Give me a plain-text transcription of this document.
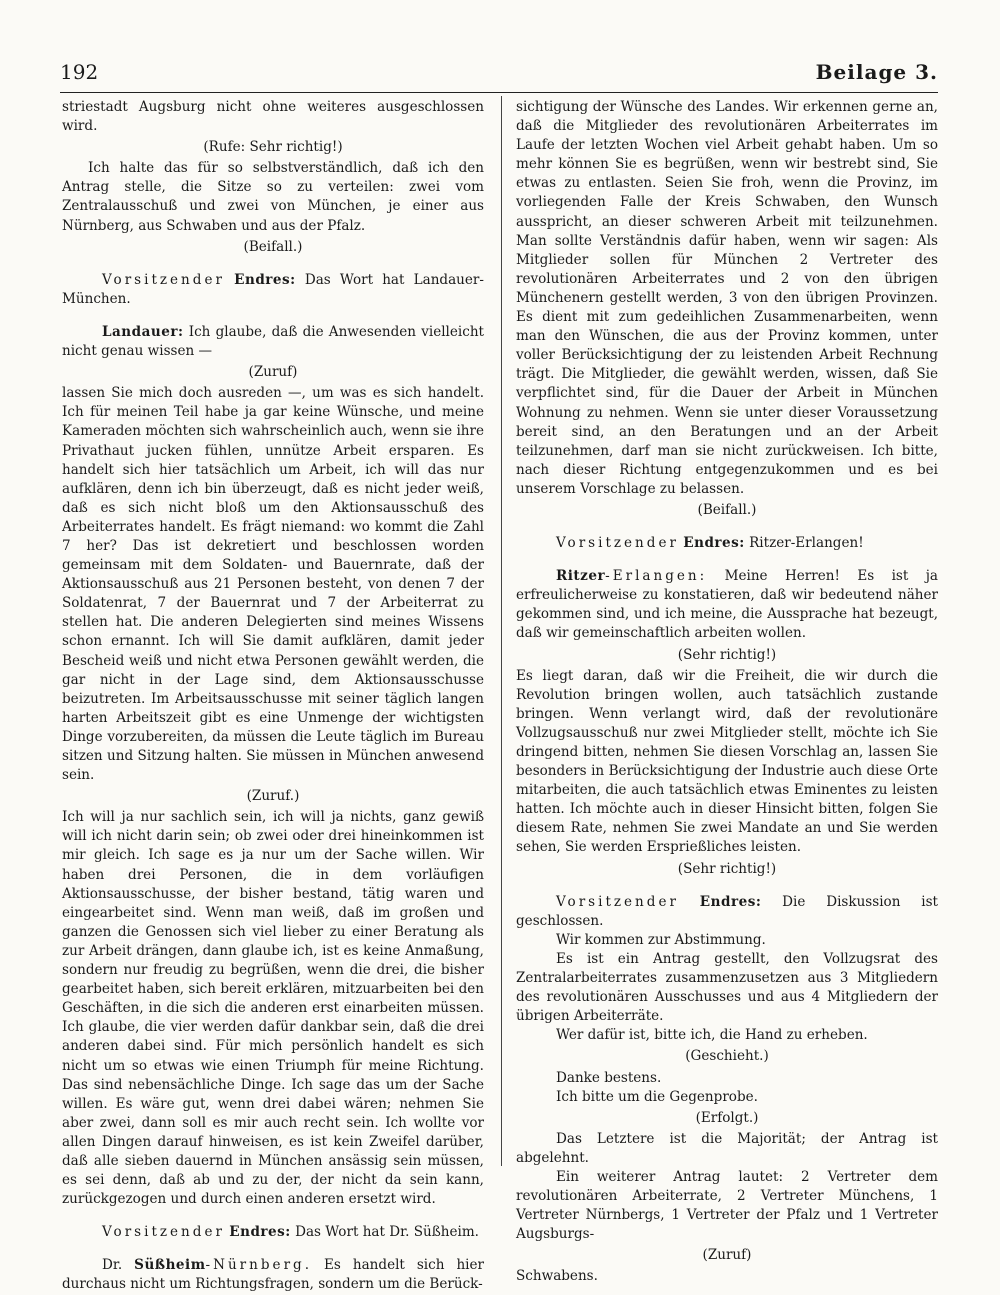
192	Beilage 3.

striestadt Augsburg nicht ohne weiteres ausgeschlossen wird.

(Rufe: Sehr richtig!)

Ich halte das für so selbstverständlich, daß ich den Antrag stelle, die Sitze so zu verteilen: zwei vom Zentralausschuß und zwei von München, je einer aus Nürnberg, aus Schwaben und aus der Pfalz.

(Beifall.)

Vorsitzender Endres: Das Wort hat Landauer-München.

Landauer: Ich glaube, daß die Anwesenden vielleicht nicht genau wissen —

(Zuruf)

lassen Sie mich doch ausreden —, um was es sich handelt. Ich für meinen Teil habe ja gar keine Wünsche, und meine Kameraden möchten sich wahrscheinlich auch, wenn sie ihre Privathaut jucken fühlen, unnütze Arbeit ersparen. Es handelt sich hier tatsächlich um Arbeit, ich will das nur aufklären, denn ich bin überzeugt, daß es nicht jeder weiß, daß es sich nicht bloß um den Aktionsausschuß des Arbeiterrates handelt. Es frägt niemand: wo kommt die Zahl 7 her? Das ist dekretiert und beschlossen worden gemeinsam mit dem Soldaten- und Bauernrate, daß der Aktionsausschuß aus 21 Personen besteht, von denen 7 der Soldatenrat, 7 der Bauernrat und 7 der Arbeiterrat zu stellen hat. Die anderen Delegierten sind meines Wissens schon ernannt. Ich will Sie damit aufklären, damit jeder Bescheid weiß und nicht etwa Personen gewählt werden, die gar nicht in der Lage sind, dem Aktionsausschusse beizutreten. Im Arbeitsausschusse mit seiner täglich langen harten Arbeitszeit gibt es eine Unmenge der wichtigsten Dinge vorzubereiten, da müssen die Leute täglich im Bureau sitzen und Sitzung halten. Sie müssen in München anwesend sein.

(Zuruf.)

Ich will ja nur sachlich sein, ich will ja nichts, ganz gewiß will ich nicht darin sein; ob zwei oder drei hineinkommen ist mir gleich. Ich sage es ja nur um der Sache willen. Wir haben drei Personen, die in dem vorläufigen Aktionsausschusse, der bisher bestand, tätig waren und eingearbeitet sind. Wenn man weiß, daß im großen und ganzen die Genossen sich viel lieber zu einer Beratung als zur Arbeit drängen, dann glaube ich, ist es keine Anmaßung, sondern nur freudig zu begrüßen, wenn die drei, die bisher gearbeitet haben, sich bereit erklären, mitzuarbeiten bei den Geschäften, in die sich die anderen erst einarbeiten müssen. Ich glaube, die vier werden dafür dankbar sein, daß die drei anderen dabei sind. Für mich persönlich handelt es sich nicht um so etwas wie einen Triumph für meine Richtung. Das sind nebensächliche Dinge. Ich sage das um der Sache willen. Es wäre gut, wenn drei dabei wären; nehmen Sie aber zwei, dann soll es mir auch recht sein. Ich wollte vor allen Dingen darauf hinweisen, es ist kein Zweifel darüber, daß alle sieben dauernd in München ansässig sein müssen, es sei denn, daß ab und zu der, der nicht da sein kann, zurückgezogen und durch einen anderen ersetzt wird.

Vorsitzender Endres: Das Wort hat Dr. Süßheim.

Dr. Süßheim-Nürnberg. Es handelt sich hier durchaus nicht um Richtungsfragen, sondern um die Berück-

sichtigung der Wünsche des Landes. Wir erkennen gerne an, daß die Mitglieder des revolutionären Arbeiterrates im Laufe der letzten Wochen viel Arbeit gehabt haben. Um so mehr können Sie es begrüßen, wenn wir bestrebt sind, Sie etwas zu entlasten. Seien Sie froh, wenn die Provinz, im vorliegenden Falle der Kreis Schwaben, den Wunsch ausspricht, an dieser schweren Arbeit mit teilzunehmen. Man sollte Verständnis dafür haben, wenn wir sagen: Als Mitglieder sollen für München 2 Vertreter des revolutionären Arbeiterrates und 2 von den übrigen Münchenern gestellt werden, 3 von den übrigen Provinzen. Es dient mit zum gedeihlichen Zusammenarbeiten, wenn man den Wünschen, die aus der Provinz kommen, unter voller Berücksichtigung der zu leistenden Arbeit Rechnung trägt. Die Mitglieder, die gewählt werden, wissen, daß Sie verpflichtet sind, für die Dauer der Arbeit in München Wohnung zu nehmen. Wenn sie unter dieser Voraussetzung bereit sind, an den Beratungen und an der Arbeit teilzunehmen, darf man sie nicht zurückweisen. Ich bitte, nach dieser Richtung entgegenzukommen und es bei unserem Vorschlage zu belassen.

(Beifall.)

Vorsitzender Endres: Ritzer-Erlangen!

Ritzer-Erlangen: Meine Herren! Es ist ja erfreulicherweise zu konstatieren, daß wir bedeutend näher gekommen sind, und ich meine, die Aussprache hat bezeugt, daß wir gemeinschaftlich arbeiten wollen.

(Sehr richtig!)

Es liegt daran, daß wir die Freiheit, die wir durch die Revolution bringen wollen, auch tatsächlich zustande bringen. Wenn verlangt wird, daß der revolutionäre Vollzugsausschuß nur zwei Mitglieder stellt, möchte ich Sie dringend bitten, nehmen Sie diesen Vorschlag an, lassen Sie besonders in Berücksichtigung der Industrie auch diese Orte mitarbeiten, die auch tatsächlich etwas Eminentes zu leisten hatten. Ich möchte auch in dieser Hinsicht bitten, folgen Sie diesem Rate, nehmen Sie zwei Mandate an und Sie werden sehen, Sie werden Ersprießliches leisten.

(Sehr richtig!)

Vorsitzender Endres: Die Diskussion ist geschlossen.

Wir kommen zur Abstimmung.

Es ist ein Antrag gestellt, den Vollzugsrat des Zentralarbeiterrates zusammenzusetzen aus 3 Mitgliedern des revolutionären Ausschusses und aus 4 Mitgliedern der übrigen Arbeiterräte.

Wer dafür ist, bitte ich, die Hand zu erheben.

(Geschieht.)

Danke bestens.

Ich bitte um die Gegenprobe.

(Erfolgt.)

Das Letztere ist die Majorität; der Antrag ist abgelehnt.

Ein weiterer Antrag lautet: 2 Vertreter dem revolutionären Arbeiterrate, 2 Vertreter Münchens, 1 Vertreter Nürnbergs, 1 Vertreter der Pfalz und 1 Vertreter Augsburgs-

(Zuruf)

Schwabens.
